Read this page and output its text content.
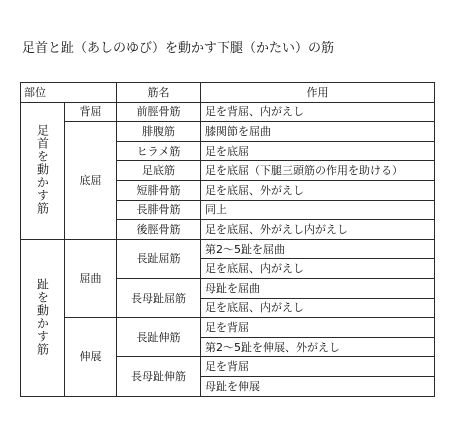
足首と趾（あしのゆび）を動かす下腿（かたい）の筋
部位		筋名	作用
足首を動かす筋	背屈	前脛骨筋	足を背屈、内がえし
	底屈	腓腹筋	膝関節を屈曲
		ヒラメ筋	足を底屈
		足底筋	足を底屈（下腿三頭筋の作用を助ける）
		短腓骨筋	足を底屈、外がえし
		長腓骨筋	同上
		後脛骨筋	足を底屈、外がえし内がえし
趾を動かす筋	屈曲	長趾屈筋	第2～5趾を屈曲
			足を底屈、内がえし
		長母趾屈筋	母趾を屈曲
			足を底屈、内がえし
	伸展	長趾伸筋	足を背屈
			第2～5趾を伸展、外がえし
		長母趾伸筋	足を背屈
			母趾を伸展
